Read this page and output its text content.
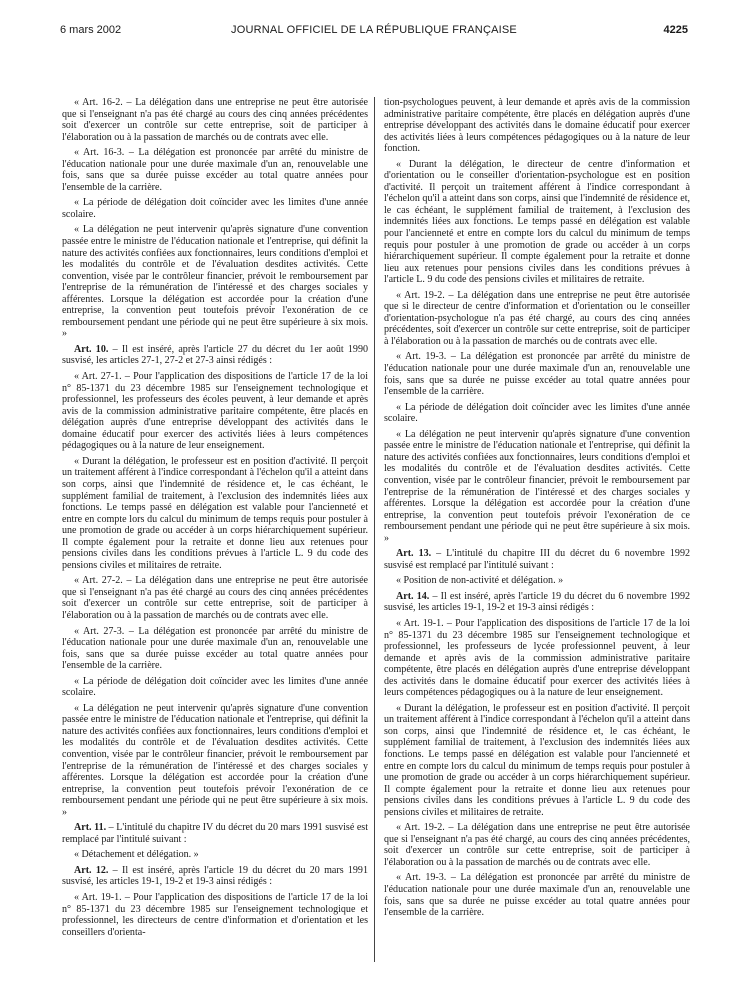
6 mars 2002	JOURNAL OFFICIEL DE LA RÉPUBLIQUE FRANÇAISE	4225

« Art. 16-2. – La délégation dans une entreprise ne peut être autorisée que si l'enseignant n'a pas été chargé au cours des cinq années précédentes soit d'exercer un contrôle sur cette entreprise, soit de participer à l'élaboration ou à la passation de marchés ou de contrats avec elle.

« Art. 16-3. – La délégation est prononcée par arrêté du ministre de l'éducation nationale pour une durée maximale d'un an, renouvelable une fois, sans que sa durée puisse excéder au total quatre années pour l'ensemble de la carrière.

« La période de délégation doit coïncider avec les limites d'une année scolaire.

« La délégation ne peut intervenir qu'après signature d'une convention passée entre le ministre de l'éducation nationale et l'entreprise, qui définit la nature des activités confiées aux fonctionnaires, leurs conditions d'emploi et les modalités du contrôle et de l'évaluation desdites activités. Cette convention, visée par le contrôleur financier, prévoit le remboursement par l'entreprise de la rémunération de l'intéressé et des charges sociales y afférentes. Lorsque la délégation est accordée pour la création d'une entreprise, la convention peut toutefois prévoir l'exonération de ce remboursement pendant une période qui ne peut être supérieure à six mois. »

Art. 10. – Il est inséré, après l'article 27 du décret du 1er août 1990 susvisé, les articles 27-1, 27-2 et 27-3 ainsi rédigés :

« Art. 27-1. – Pour l'application des dispositions de l'article 17 de la loi n° 85-1371 du 23 décembre 1985 sur l'enseignement technologique et professionnel, les professeurs des écoles peuvent, à leur demande et après avis de la commission administrative paritaire compétente, être placés en délégation auprès d'une entreprise développant des activités dans le domaine éducatif pour exercer des activités liées à leurs compétences pédagogiques ou à la nature de leur enseignement.

« Durant la délégation, le professeur est en position d'activité. Il perçoit un traitement afférent à l'indice correspondant à l'échelon qu'il a atteint dans son corps, ainsi que l'indemnité de résidence et, le cas échéant, le supplément familial de traitement, à l'exclusion des indemnités liées aux fonctions. Le temps passé en délégation est valable pour l'ancienneté et entre en compte lors du calcul du minimum de temps requis pour postuler à une promotion de grade ou accéder à un corps hiérarchiquement supérieur. Il compte également pour la retraite et donne lieu aux retenues pour pensions civiles dans les conditions prévues à l'article L. 9 du code des pensions civiles et militaires de retraite.

« Art. 27-2. – La délégation dans une entreprise ne peut être autorisée que si l'enseignant n'a pas été chargé au cours des cinq années précédentes soit d'exercer un contrôle sur cette entreprise, soit de participer à l'élaboration ou à la passation de marchés ou de contrats avec elle.

« Art. 27-3. – La délégation est prononcée par arrêté du ministre de l'éducation nationale pour une durée maximale d'un an, renouvelable une fois, sans que sa durée puisse excéder au total quatre années pour l'ensemble de la carrière.

« La période de délégation doit coïncider avec les limites d'une année scolaire.

« La délégation ne peut intervenir qu'après signature d'une convention passée entre le ministre de l'éducation nationale et l'entreprise, qui définit la nature des activités confiées aux fonctionnaires, leurs conditions d'emploi et les modalités du contrôle et de l'évaluation desdites activités. Cette convention, visée par le contrôleur financier, prévoit le remboursement par l'entreprise de la rémunération de l'intéressé et des charges sociales y afférentes. Lorsque la délégation est accordée pour la création d'une entreprise, la convention peut toutefois prévoir l'exonération de ce remboursement pendant une période qui ne peut être supérieure à six mois. »

Art. 11. – L'intitulé du chapitre IV du décret du 20 mars 1991 susvisé est remplacé par l'intitulé suivant :

« Détachement et délégation. »

Art. 12. – Il est inséré, après l'article 19 du décret du 20 mars 1991 susvisé, les articles 19-1, 19-2 et 19-3 ainsi rédigés :

« Art. 19-1. – Pour l'application des dispositions de l'article 17 de la loi n° 85-1371 du 23 décembre 1985 sur l'enseignement technologique et professionnel, les directeurs de centre d'information et d'orientation et les conseillers d'orienta-

tion-psychologues peuvent, à leur demande et après avis de la commission administrative paritaire compétente, être placés en délégation auprès d'une entreprise développant des activités dans le domaine éducatif pour exercer des activités liées à leurs compétences pédagogiques ou à la nature de leur fonction.

« Durant la délégation, le directeur de centre d'information et d'orientation ou le conseiller d'orientation-psychologue est en position d'activité. Il perçoit un traitement afférent à l'indice correspondant à l'échelon qu'il a atteint dans son corps, ainsi que l'indemnité de résidence et, le cas échéant, le supplément familial de traitement, à l'exclusion des indemnités liées aux fonctions. Le temps passé en délégation est valable pour l'ancienneté et entre en compte lors du calcul du minimum de temps requis pour postuler à une promotion de grade ou accéder à un corps hiérarchiquement supérieur. Il compte également pour la retraite et donne lieu aux retenues pour pensions civiles dans les conditions prévues à l'article L. 9 du code des pensions civiles et militaires de retraite.

« Art. 19-2. – La délégation dans une entreprise ne peut être autorisée que si le directeur de centre d'information et d'orientation ou le conseiller d'orientation-psychologue n'a pas été chargé, au cours des cinq années précédentes, soit d'exercer un contrôle sur cette entreprise, soit de participer à l'élaboration ou à la passation de marchés ou de contrats avec elle.

« Art. 19-3. – La délégation est prononcée par arrêté du ministre de l'éducation nationale pour une durée maximale d'un an, renouvelable une fois, sans que sa durée ne puisse excéder au total quatre années pour l'ensemble de la carrière.

« La période de délégation doit coïncider avec les limites d'une année scolaire.

« La délégation ne peut intervenir qu'après signature d'une convention passée entre le ministre de l'éducation nationale et l'entreprise, qui définit la nature des activités confiées aux fonctionnaires, leurs conditions d'emploi et les modalités du contrôle et de l'évaluation desdites activités. Cette convention, visée par le contrôleur financier, prévoit le remboursement par l'entreprise de la rémunération de l'intéressé et des charges sociales y afférentes. Lorsque la délégation est accordée pour la création d'une entreprise, la convention peut toutefois prévoir l'exonération de ce remboursement pendant une période qui ne peut être supérieure à six mois. »

Art. 13. – L'intitulé du chapitre III du décret du 6 novembre 1992 susvisé est remplacé par l'intitulé suivant :

« Position de non-activité et délégation. »

Art. 14. – Il est inséré, après l'article 19 du décret du 6 novembre 1992 susvisé, les articles 19-1, 19-2 et 19-3 ainsi rédigés :

« Art. 19-1. – Pour l'application des dispositions de l'article 17 de la loi n° 85-1371 du 23 décembre 1985 sur l'enseignement technologique et professionnel, les professeurs de lycée professionnel peuvent, à leur demande et après avis de la commission administrative paritaire compétente, être placés en délégation auprès d'une entreprise développant des activités dans le domaine éducatif pour exercer des activités liées à leurs compétences pédagogiques ou à la nature de leur enseignement.

« Durant la délégation, le professeur est en position d'activité. Il perçoit un traitement afférent à l'indice correspondant à l'échelon qu'il a atteint dans son corps, ainsi que l'indemnité de résidence et, le cas échéant, le supplément familial de traitement, à l'exclusion des indemnités liées aux fonctions. Le temps passé en délégation est valable pour l'ancienneté et entre en compte lors du calcul du minimum de temps requis pour postuler à une promotion de grade ou accéder à un corps hiérarchiquement supérieur. Il compte également pour la retraite et donne lieu aux retenues pour pensions civiles dans les conditions prévues à l'article L. 9 du code des pensions civiles et militaires de retraite.

« Art. 19-2. – La délégation dans une entreprise ne peut être autorisée que si l'enseignant n'a pas été chargé, au cours des cinq années précédentes, soit d'exercer un contrôle sur cette entreprise, soit de participer à l'élaboration ou à la passation de marchés ou de contrats avec elle.

« Art. 19-3. – La délégation est prononcée par arrêté du ministre de l'éducation nationale pour une durée maximale d'un an, renouvelable une fois, sans que sa durée ne puisse excéder au total quatre années pour l'ensemble de la carrière.
